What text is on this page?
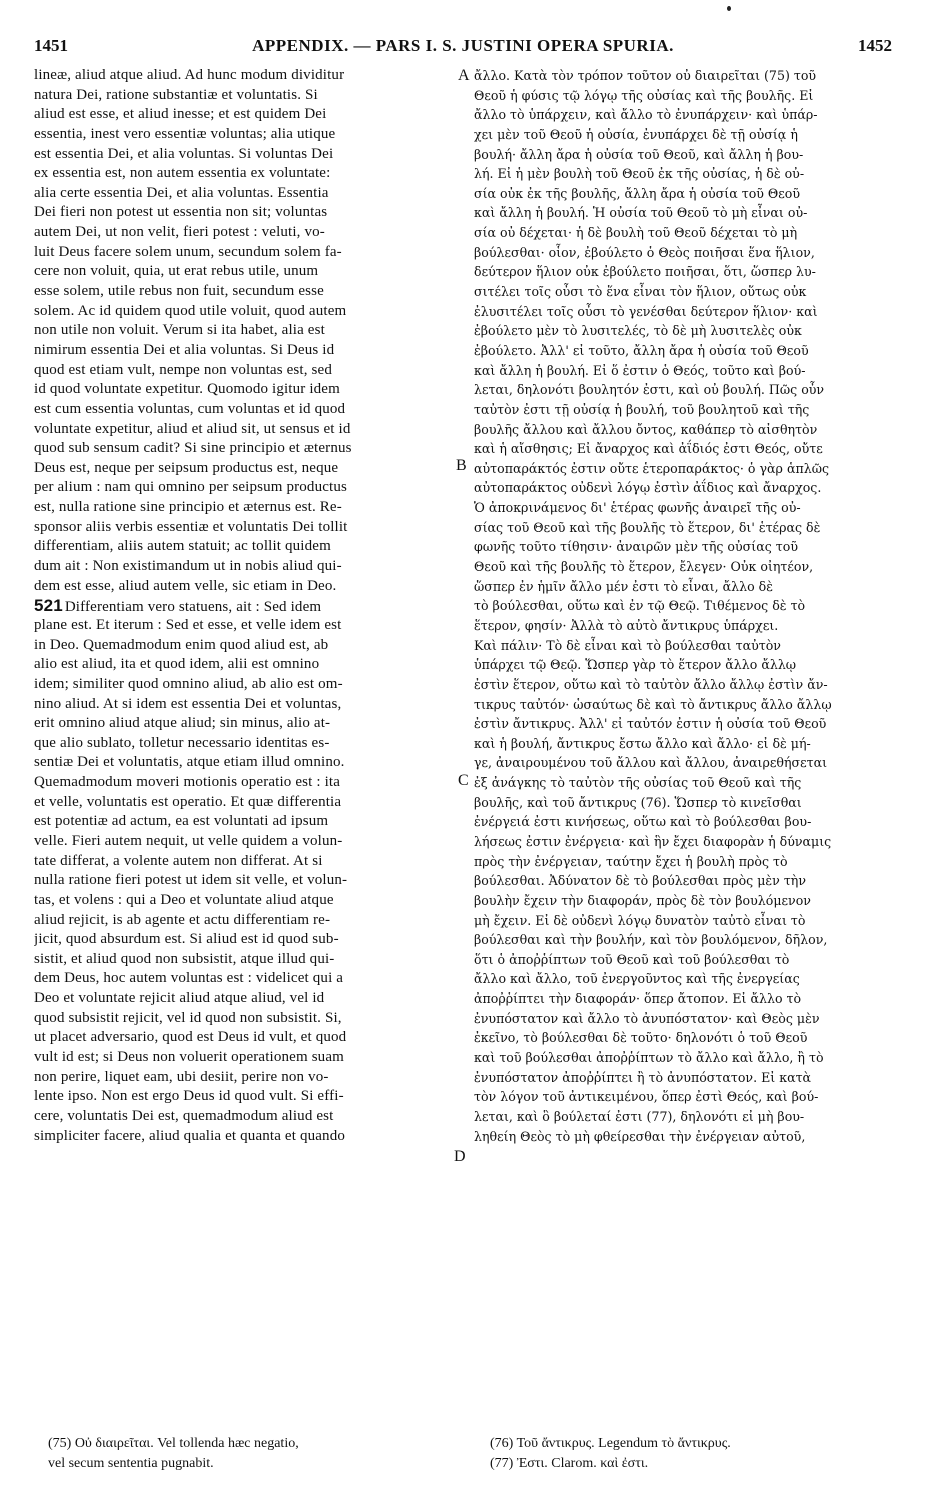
1451	APPENDIX. — PARS I. S. JUSTINI OPERA SPURIA.	1452
lineæ, aliud atque aliud. Ad hunc modum dividitur
natura Dei, ratione substantiæ et voluntatis. Si
aliud est esse, et aliud inesse; et est quidem Dei
essentia, inest vero essentiæ voluntas; alia utique
est essentia Dei, et alia voluntas. Si voluntas Dei
ex essentia est, non autem essentia ex voluntate:
alia certe essentia Dei, et alia voluntas. Essentia
Dei fieri non potest ut essentia non sit; voluntas
autem Dei, ut non velit, fieri potest : veluti, vo-
luit Deus facere solem unum, secundum solem fa-
cere non voluit, quia, ut erat rebus utile, unum
esse solem, utile rebus non fuit, secundum esse
solem. Ac id quidem quod utile voluit, quod autem
non utile non voluit. Verum si ita habet, alia est
nimirum essentia Dei et alia voluntas. Si Deus id
quod est etiam vult, nempe non voluntas est, sed
id quod voluntate expetitur. Quomodo igitur idem
est cum essentia voluntas, cum voluntas et id quod
voluntate expetitur, aliud et aliud sit, ut sensus et id
quod sub sensum cadit? Si sine principio et æternus
Deus est, neque per seipsum productus est, neque
per alium : nam qui omnino per seipsum productus
est, nulla ratione sine principio et æternus est. Re-
sponsor aliis verbis essentiæ et voluntatis Dei tollit
differentiam, aliis autem statuit; ac tollit quidem
dum ait : Non existimandum ut in nobis aliud qui-
dem est esse, aliud autem velle, sic etiam in Deo.
521 Differentiam vero statuens, ait : Sed idem
plane est. Et iterum : Sed et esse, et velle idem est
in Deo. Quemadmodum enim quod aliud est, ab
alio est aliud, ita et quod idem, alii est omnino
idem; similiter quod omnino aliud, ab alio est om-
nino aliud. At si idem est essentia Dei et voluntas,
erit omnino aliud atque aliud; sin minus, alio at-
que alio sublato, tolletur necessario identitas es-
sentiæ Dei et voluntatis, atque etiam illud omnino.
Quemadmodum moveri motionis operatio est : ita
et velle, voluntatis est operatio. Et quæ differentia
est potentiæ ad actum, ea est voluntati ad ipsum
velle. Fieri autem nequit, ut velle quidem a volun-
tate differat, a volente autem non differat. At si
nulla ratione fieri potest ut idem sit velle, et volun-
tas, et volens : qui a Deo et voluntate aliud atque
aliud rejicit, is ab agente et actu differentiam re-
jicit, quod absurdum est. Si aliud est id quod sub-
sistit, et aliud quod non subsistit, atque illud qui-
dem Deus, hoc autem voluntas est : videlicet qui a
Deo et voluntate rejicit aliud atque aliud, vel id
quod subsistit rejicit, vel id quod non subsistit. Si,
ut placet adversario, quod est Deus id vult, et quod
vult id est; si Deus non voluerit operationem suam
non perire, liquet eam, ubi desiit, perire non vo-
lente ipso. Non est ergo Deus id quod vult. Si effi-
cere, voluntatis Dei est, quemadmodum aliud est
simpliciter facere, aliud qualia et quanta et quando
ἄλλο. Κατὰ τὸν τρόπον τοῦτον οὐ διαιρεῖται (75) τοῦ
Θεοῦ ἡ φύσις τῷ λόγῳ τῆς οὐσίας καὶ τῆς βουλῆς. Εἰ
ἄλλο τὸ ὑπάρχειν, καὶ ἄλλο τὸ ἐνυπάρχειν· καὶ ὑπάρ-
χει μὲν τοῦ Θεοῦ ἡ οὐσία, ἐνυπάρχει δὲ τῇ οὐσίᾳ ἡ
βουλή· ἄλλη ἄρα ἡ οὐσία τοῦ Θεοῦ, καὶ ἄλλη ἡ βου-
λή. Εἰ ἡ μὲν βουλὴ τοῦ Θεοῦ ἐκ τῆς οὐσίας, ἡ δὲ οὐ-
σία οὐκ ἐκ τῆς βουλῆς, ἄλλη ἄρα ἡ οὐσία τοῦ Θεοῦ
καὶ ἄλλη ἡ βουλή. Ἡ οὐσία τοῦ Θεοῦ τὸ μὴ εἶναι οὐ-
σία οὐ δέχεται· ἡ δὲ βουλὴ τοῦ Θεοῦ δέχεται τὸ μὴ
βούλεσθαι· οἷον, ἐβούλετο ὁ Θεὸς ποιῆσαι ἕνα ἥλιον,
δεύτερον ἥλιον οὐκ ἐβούλετο ποιῆσαι, ὅτι, ὥσπερ λυ-
σιτέλει τοῖς οὖσι τὸ ἕνα εἶναι τὸν ἥλιον, οὕτως οὐκ
ἐλυσιτέλει τοῖς οὖσι τὸ γενέσθαι δεύτερον ἥλιον· καὶ
ἐβούλετο μὲν τὸ λυσιτελές, τὸ δὲ μὴ λυσιτελὲς οὐκ
ἐβούλετο. Ἀλλ' εἰ τοῦτο, ἄλλη ἄρα ἡ οὐσία τοῦ Θεοῦ
καὶ ἄλλη ἡ βουλή. Εἰ ὅ ἐστιν ὁ Θεός, τοῦτο καὶ βού-
λεται, δηλονότι βουλητόν ἐστι, καὶ οὐ βουλή. Πῶς οὖν
ταὐτὸν ἐστι τῇ οὐσίᾳ ἡ βουλή, τοῦ βουλητοῦ καὶ τῆς
βουλῆς ἄλλου καὶ ἄλλου ὄντος, καθάπερ τὸ αἰσθητὸν
καὶ ἡ αἴσθησις; Εἰ ἄναρχος καὶ ἀΐδιός ἐστι Θεός, οὔτε
αὐτοπαράκτός ἐστιν οὔτε ἑτεροπαράκτος· ὁ γὰρ ἁπλῶς
αὐτοπαράκτος οὐδενὶ λόγῳ ἐστὶν ἀΐδιος καὶ ἄναρχος.
Ὁ ἀποκρινάμενος δι' ἑτέρας φωνῆς ἀναιρεῖ τῆς οὐ-
σίας τοῦ Θεοῦ καὶ τῆς βουλῆς τὸ ἕτερον, δι' ἑτέρας δὲ
φωνῆς τοῦτο τίθησιν· ἀναιρῶν μὲν τῆς οὐσίας τοῦ
Θεοῦ καὶ τῆς βουλῆς τὸ ἕτερον, ἔλεγεν· Οὐκ οἰητέον,
ὥσπερ ἐν ἡμῖν ἄλλο μέν ἐστι τὸ εἶναι, ἄλλο δὲ
τὸ βούλεσθαι, οὕτω καὶ ἐν τῷ Θεῷ. Τιθέμενος δὲ τὸ
ἕτερον, φησίν· Ἀλλὰ τὸ αὐτὸ ἄντικρυς ὑπάρχει.
Καὶ πάλιν· Τὸ δὲ εἶναι καὶ τὸ βούλεσθαι ταὐτὸν
ὑπάρχει τῷ Θεῷ. Ὥσπερ γὰρ τὸ ἕτερον ἄλλο ἄλλῳ
ἐστὶν ἕτερον, οὕτω καὶ τὸ ταὐτὸν ἄλλο ἄλλῳ ἐστὶν ἄν-
τικρυς ταὐτόν· ὡσαύτως δὲ καὶ τὸ ἄντικρυς ἄλλο ἄλλῳ
ἐστὶν ἄντικρυς. Ἀλλ' εἰ ταὐτόν ἐστιν ἡ οὐσία τοῦ Θεοῦ
καὶ ἡ βουλή, ἄντικρυς ἔστω ἄλλο καὶ ἄλλο· εἰ δὲ μή-
γε, ἀναιρουμένου τοῦ ἄλλου καὶ ἄλλου, ἀναιρεθήσεται
ἐξ ἀνάγκης τὸ ταὐτὸν τῆς οὐσίας τοῦ Θεοῦ καὶ τῆς
βουλῆς, καὶ τοῦ ἄντικρυς (76). Ὥσπερ τὸ κινεῖσθαι
ἐνέργειά ἐστι κινήσεως, οὕτω καὶ τὸ βούλεσθαι βου-
λήσεως ἐστιν ἐνέργεια· καὶ ἣν ἔχει διαφορὰν ἡ δύναμις
πρὸς τὴν ἐνέργειαν, ταύτην ἔχει ἡ βουλὴ πρὸς τὸ
βούλεσθαι. Ἀδύνατον δὲ τὸ βούλεσθαι πρὸς μὲν τὴν
βουλὴν ἔχειν τὴν διαφοράν, πρὸς δὲ τὸν βουλόμενον
μὴ ἔχειν. Εἰ δὲ οὐδενὶ λόγῳ δυνατὸν ταὐτὸ εἶναι τὸ
βούλεσθαι καὶ τὴν βουλήν, καὶ τὸν βουλόμενον, δῆλον,
ὅτι ὁ ἀποῤῥίπτων τοῦ Θεοῦ καὶ τοῦ βούλεσθαι τὸ
ἄλλο καὶ ἄλλο, τοῦ ἐνεργοῦντος καὶ τῆς ἐνεργείας
ἀποῤῥίπτει τὴν διαφοράν· ὅπερ ἄτοπον. Εἰ ἄλλο τὸ
ἐνυπόστατον καὶ ἄλλο τὸ ἀνυπόστατον· καὶ Θεὸς μὲν
ἐκεῖνο, τὸ βούλεσθαι δὲ τοῦτο· δηλονότι ὁ τοῦ Θεοῦ
καὶ τοῦ βούλεσθαι ἀποῤῥίπτων τὸ ἄλλο καὶ ἄλλο, ἢ τὸ
ἐνυπόστατον ἀποῤῥίπτει ἢ τὸ ἀνυπόστατον. Εἰ κατὰ
τὸν λόγον τοῦ ἀντικειμένου, ὅπερ ἐστὶ Θεός, καὶ βού-
λεται, καὶ ὃ βούλεταί ἐστι (77), δηλονότι εἰ μὴ βου-
ληθείη Θεὸς τὸ μὴ φθείρεσθαι τὴν ἐνέργειαν αὐτοῦ,
A
B
C
D
(75) Οὐ διαιρεῖται. Vel tollenda hæc negatio,
vel secum sententia pugnabit.
(76) Τοῦ ἄντικρυς. Legendum τὸ ἄντικρυς.
(77) Ἐστι. Clarom. καὶ ἐστι.
